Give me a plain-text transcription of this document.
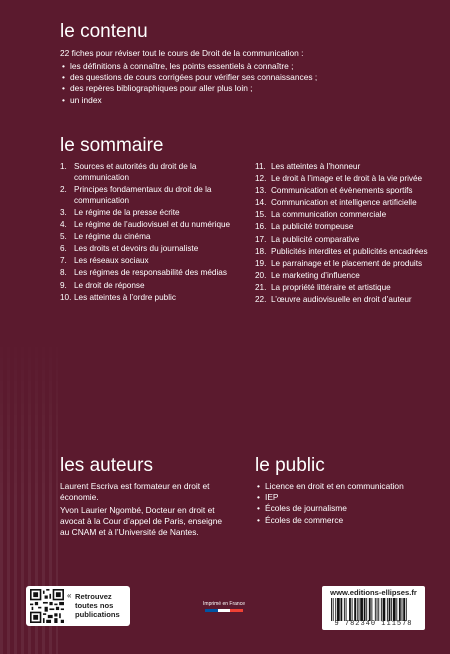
le contenu

22 fiches pour réviser tout le cours de Droit de la communication :

• les définitions à connaître, les points essentiels à connaître ;
• des questions de cours corrigées pour vérifier ses connaissances ;
• des repères bibliographiques pour aller plus loin ;
• un index
le sommaire
1. Sources et autorités du droit de la communication
2. Principes fondamentaux du droit de la communication
3. Le régime de la presse écrite
4. Le régime de l’audiovisuel et du numérique
5. Le régime du cinéma
6. Les droits et devoirs du journaliste
7. Les réseaux sociaux
8. Les régimes de responsabilité des médias
9. Le droit de réponse
10. Les atteintes à l’ordre public
11. Les atteintes à l’honneur
12. Le droit à l’image et le droit à la vie privée
13. Communication et évènements sportifs
14. Communication et intelligence artificielle
15. La communication commerciale
16. La publicité trompeuse
17. La publicité comparative
18. Publicités interdites et publicités encadrées
19. Le parrainage et le placement de produits
20. Le marketing d’influence
21. La propriété littéraire et artistique
22. L’œuvre audiovisuelle en droit d’auteur
les auteurs

Laurent Escriva est formateur en droit et économie.

Yvon Laurier Ngombé, Docteur en droit et avocat à la Cour d’appel de Paris, enseigne au CNAM et à l’Université de Nantes.

le public
• Licence en droit et en communication
• IEP
• Écoles de journalisme
• Écoles de commerce
« Retrouvez toutes nos publications
Imprimé en France
www.editions-ellipses.fr
9 782340 111578
